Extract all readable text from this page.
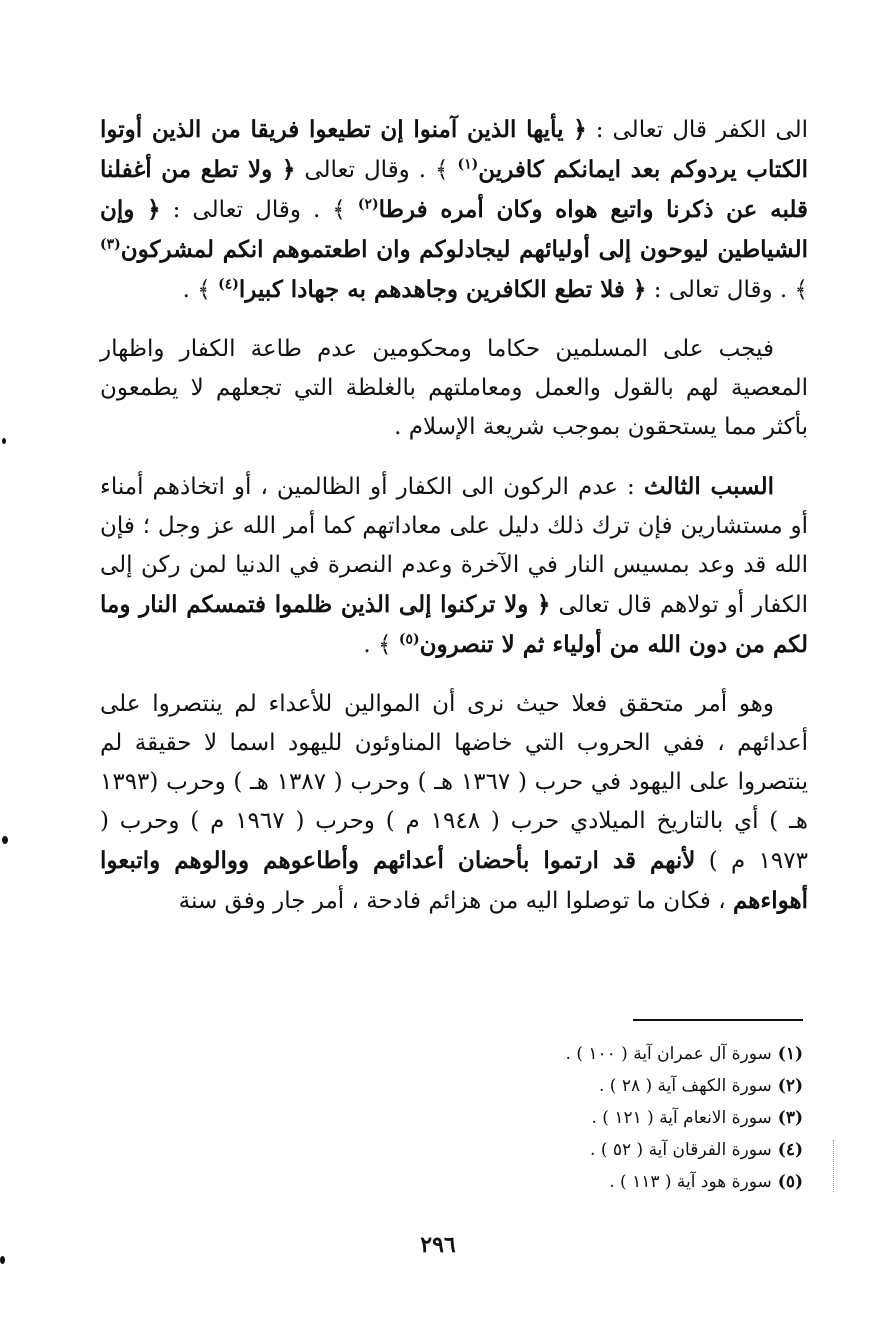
الى الكفر قال تعالى : ﴿ يأيها الذين آمنوا إن تطيعوا فريقا من الذين أوتوا الكتاب يردوكم بعد ايمانكم كافرين$^{(١)}$ ﴾ . وقال تعالى ﴿ ولا تطع من أغفلنا قلبه عن ذكرنا واتبع هواه وكان أمره فرطا$^{(٢)}$ ﴾ . وقال تعالى : ﴿ وإن الشياطين ليوحون إلى أوليائهم ليجادلوكم وان اطعتموهم انكم لمشركون$^{(٣)}$ ﴾ . وقال تعالى : ﴿ فلا تطع الكافرين وجاهدهم به جهادا كبيرا$^{(٤)}$ ﴾ .

فيجب على المسلمين حكاما ومحكومين عدم طاعة الكفار واظهار المعصية لهم بالقول والعمل ومعاملتهم بالغلظة التي تجعلهم لا يطمعون بأكثر مما يستحقون بموجب شريعة الإسلام .

السبب الثالث : عدم الركون الى الكفار أو الظالمين ، أو اتخاذهم أمناء أو مستشارين فإن ترك ذلك دليل على معاداتهم كما أمر الله عز وجل ؛ فإن الله قد وعد بمسيس النار في الآخرة وعدم النصرة في الدنيا لمن ركن إلى الكفار أو تولاهم قال تعالى ﴿ ولا تركنوا إلى الذين ظلموا فتمسكم النار وما لكم من دون الله من أولياء ثم لا تنصرون$^{(٥)}$ ﴾ .

وهو أمر متحقق فعلا حيث نرى أن الموالين للأعداء لم ينتصروا على أعدائهم ، ففي الحروب التي خاضها المناوئون لليهود اسما لا حقيقة لم ينتصروا على اليهود في حرب ( ١٣٦٧ هـ ) وحرب ( ١٣٨٧ هـ ) وحرب (١٣٩٣ هـ ) أي بالتاريخ الميلادي حرب ( ١٩٤٨ م ) وحرب ( ١٩٦٧ م ) وحرب ( ١٩٧٣ م ) لأنهم قد ارتموا بأحضان أعدائهم وأطاعوهم ووالوهم واتبعوا أهواءهم ، فكان ما توصلوا اليه من هزائم فادحة ، أمر جار وفق سنة

(١)سورة آل عمران آية ( ١٠٠ ) .
(٢)سورة الكهف آية ( ٢٨ ) .
(٣)سورة الانعام آية ( ١٢١ ) .
(٤)سورة الفرقان آية ( ٥٢ ) .
(٥)سورة هود آية ( ١١٣ ) .
٢٩٦
